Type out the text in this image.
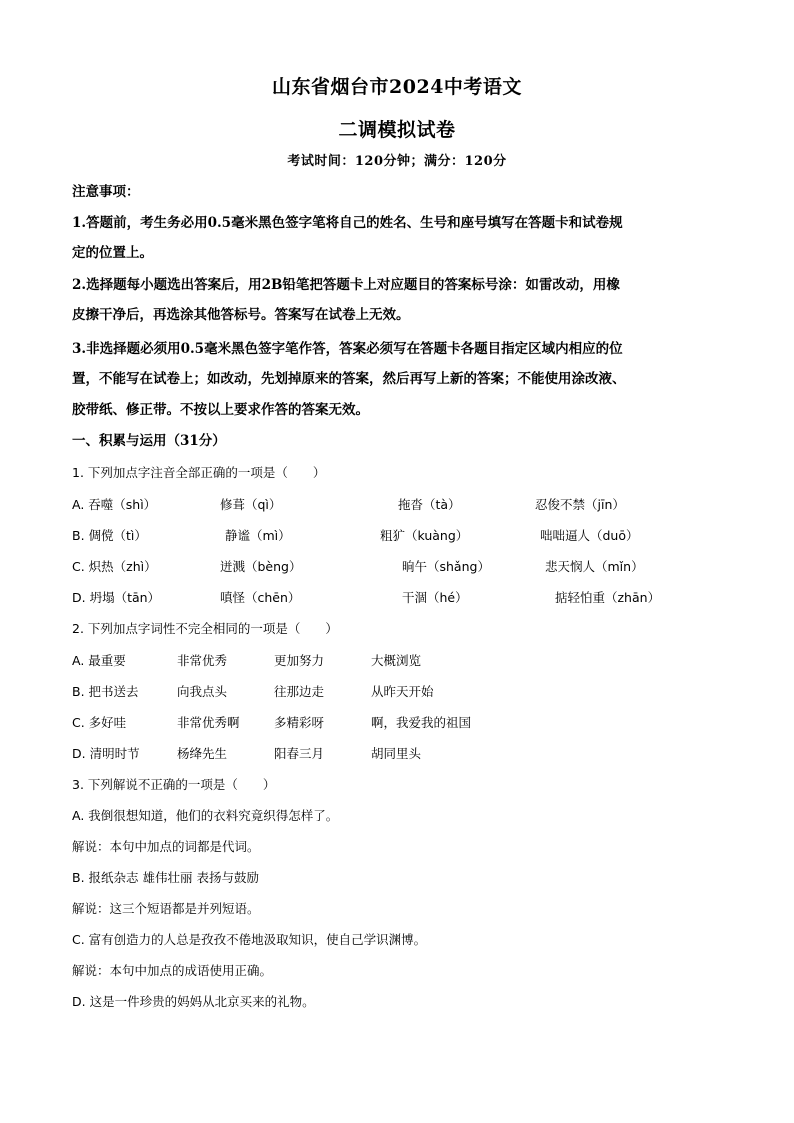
山东省烟台市2024中考语文
二调模拟试卷
考试时间：120分钟；满分：120分
注意事项：
1.答题前，考生务必用0.5毫米黑色签字笔将自己的姓名、生号和座号填写在答题卡和试卷规
定的位置上。
2.选择题每小题选出答案后，用2B铅笔把答题卡上对应题目的答案标号涂：如雷改动，用橡
皮擦干净后，再选涂其他答标号。答案写在试卷上无效。
3.非选择题必须用0.5毫米黑色签字笔作答，答案必须写在答题卡各题目指定区域内相应的位
置，不能写在试卷上；如改动，先划掉原来的答案，然后再写上新的答案；不能使用涂改液、
胶带纸、修正带。不按以上要求作答的答案无效。
一、积累与运用（31分）
1. 下列加点字注音全部正确的一项是（　　）
A. 吞噬（shì）	修葺（qì）	拖沓（tà）	忍俊不禁（jīn）
B. 倜傥（tì）	静谧（mì）	粗犷（kuàng）	咄咄逼人（duō）
C. 炽热（zhì）	迸溅（bèng）	晌午（shǎng）	悲天悯人（mǐn）
D. 坍塌（tān）	嗔怪（chēn）	干涸（hé）	掂轻怕重（zhān）
2. 下列加点字词性不完全相同的一项是（　　）
A. 最重要	非常优秀	更加努力	大概浏览
B. 把书送去	向我点头	往那边走	从昨天开始
C. 多好哇	非常优秀啊	多精彩呀	啊，我爱我的祖国
D. 清明时节	杨绛先生	阳春三月	胡同里头
3. 下列解说不正确的一项是（　　）
A. 我倒很想知道，他们的衣料究竟织得怎样了。
解说：本句中加点的词都是代词。
B. 报纸杂志 雄伟壮丽 表扬与鼓励
解说：这三个短语都是并列短语。
C. 富有创造力的人总是孜孜不倦地汲取知识，使自己学识渊博。
解说：本句中加点的成语使用正确。
D. 这是一件珍贵的妈妈从北京买来的礼物。
